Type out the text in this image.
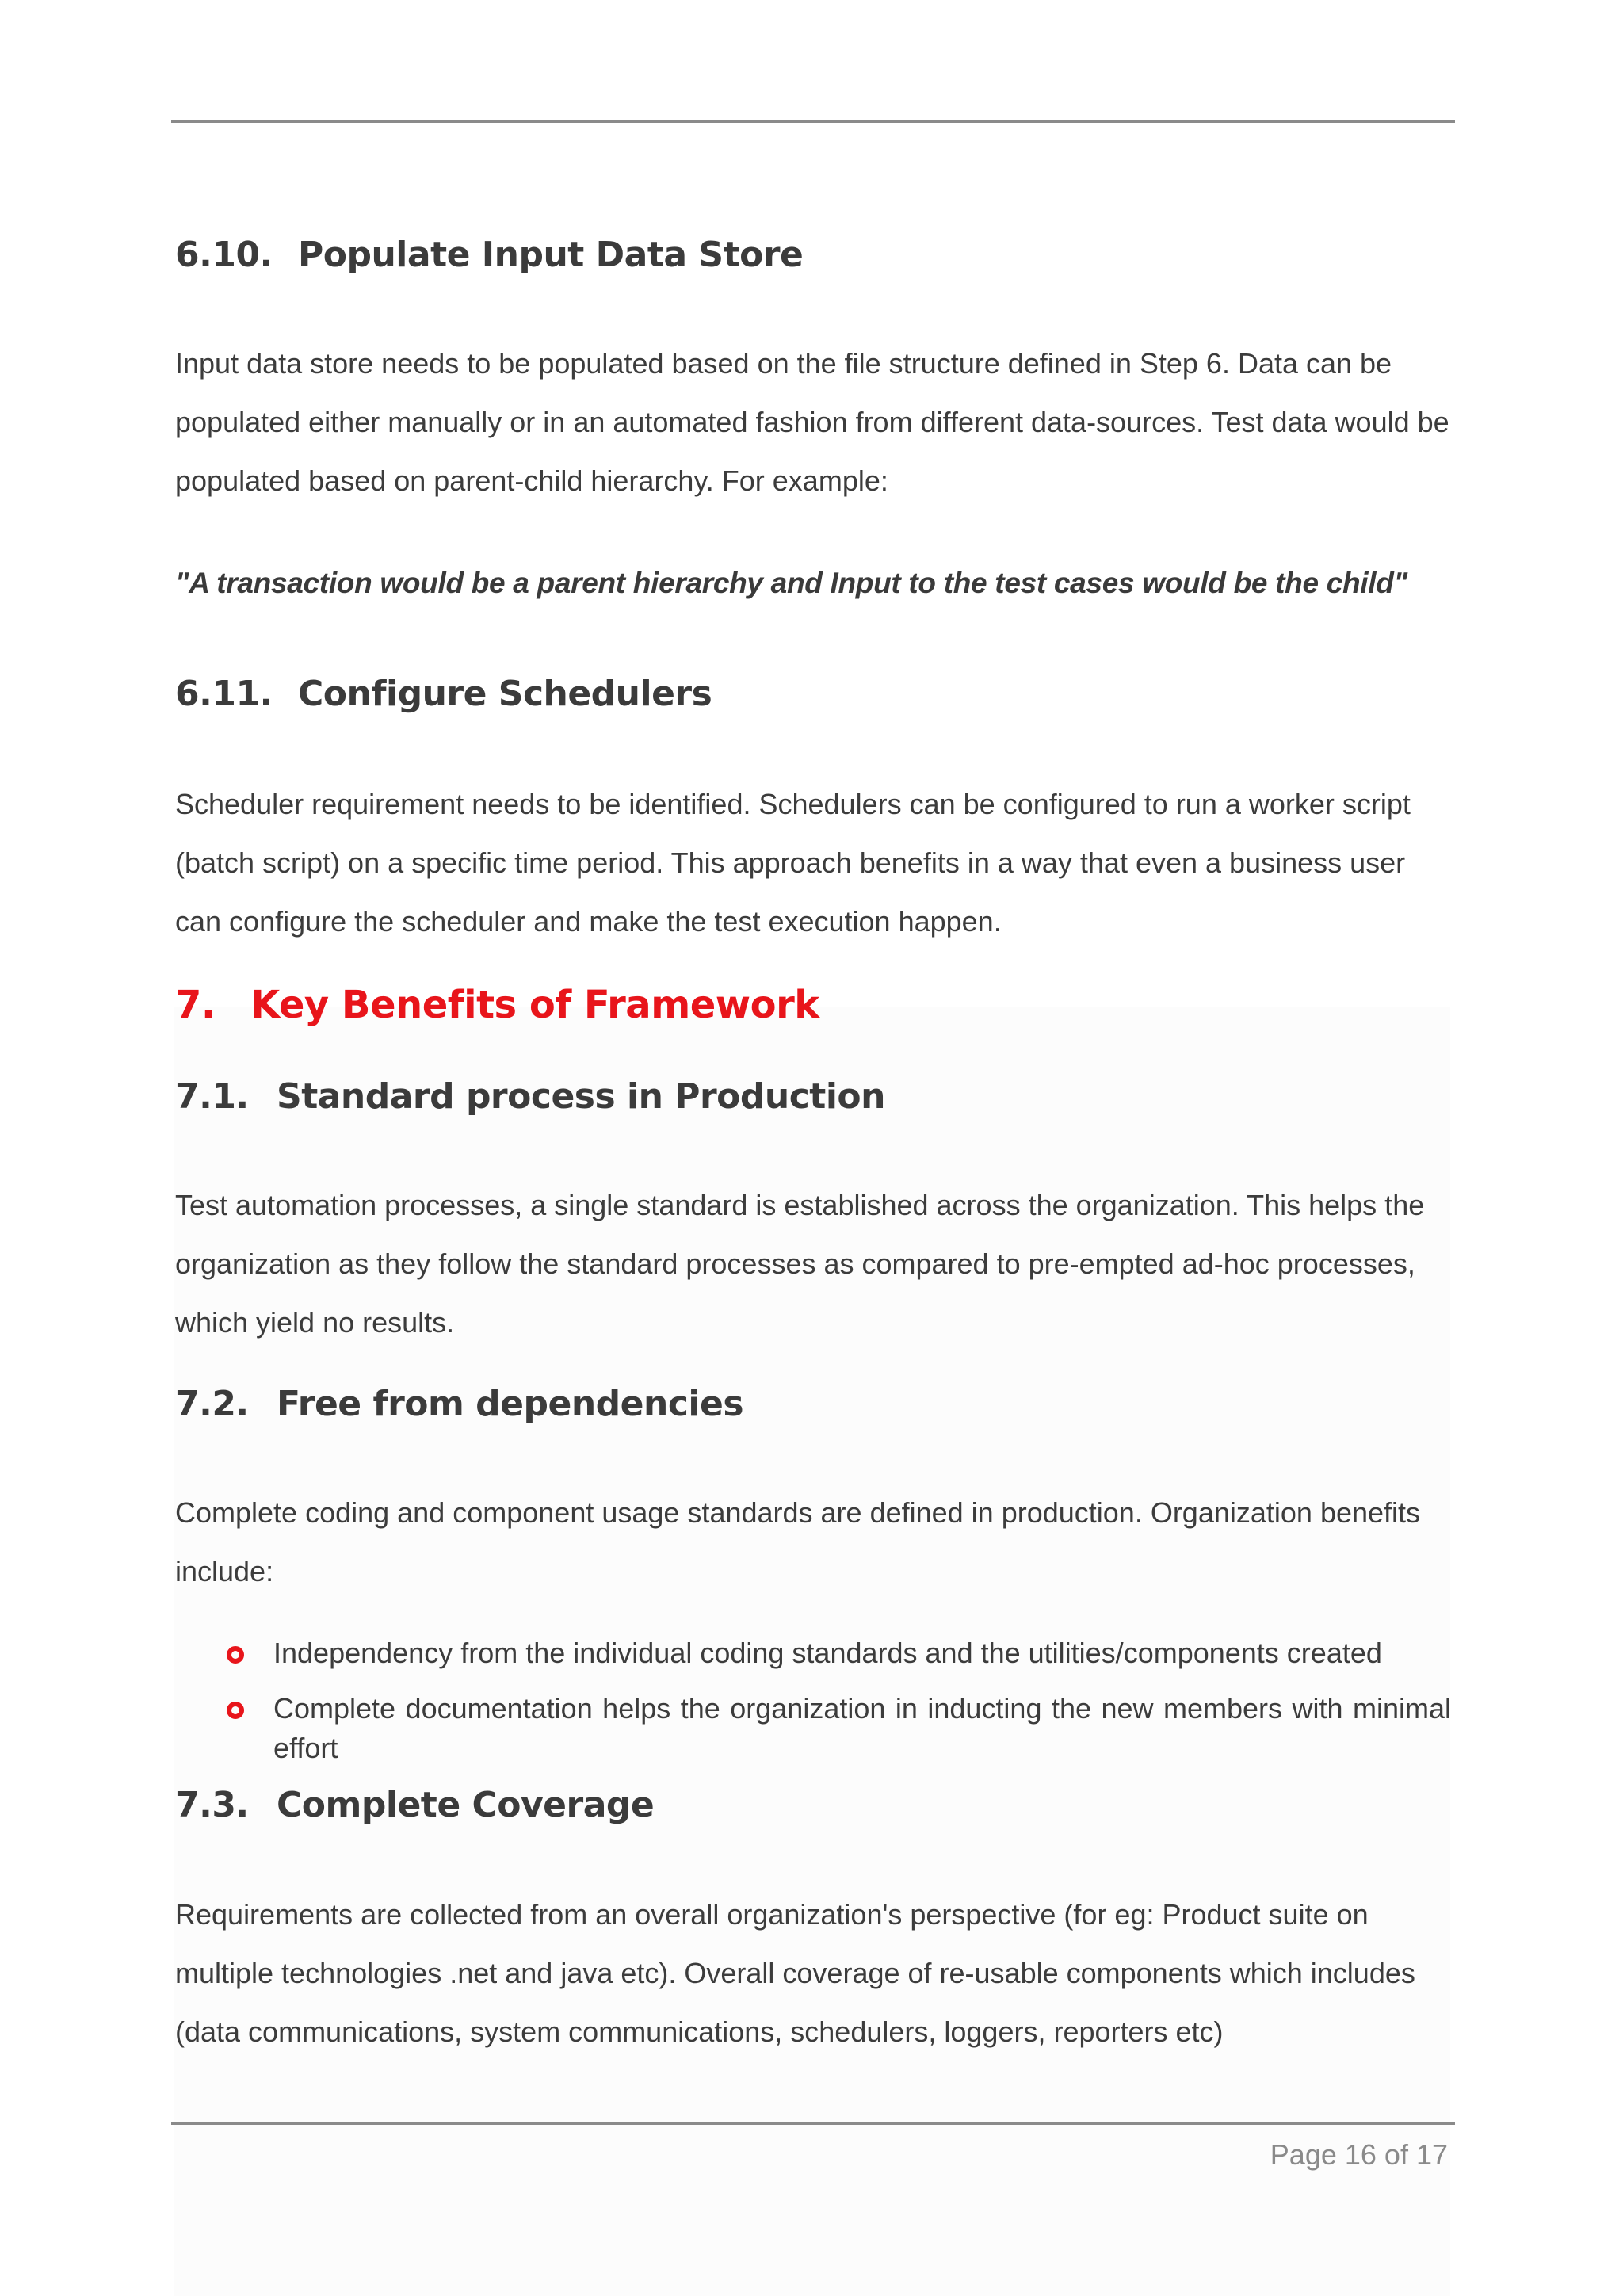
6.10. Populate Input Data Store

Input data store needs to be populated based on the file structure defined in Step 6. Data can be populated either manually or in an automated fashion from different data-sources. Test data would be populated based on parent-child hierarchy. For example:

"A transaction would be a parent hierarchy and Input to the test cases would be the child"

6.11. Configure Schedulers

Scheduler requirement needs to be identified. Schedulers can be configured to run a worker script (batch script) on a specific time period. This approach benefits in a way that even a business user can configure the scheduler and make the test execution happen.

7. Key Benefits of Framework
7.1. Standard process in Production

Test automation processes, a single standard is established across the organization. This helps the organization as they follow the standard processes as compared to pre-empted ad-hoc processes, which yield no results.

7.2. Free from dependencies

Complete coding and component usage standards are defined in production. Organization benefits include:

Independency from the individual coding standards and the utilities/components created
Complete documentation helps the organization in inducting the new members with minimal effort
7.3. Complete Coverage

Requirements are collected from an overall organization's perspective (for eg: Product suite on multiple technologies .net and java etc). Overall coverage of re-usable components which includes (data communications, system communications, schedulers, loggers, reporters etc)

Page 16 of 17
